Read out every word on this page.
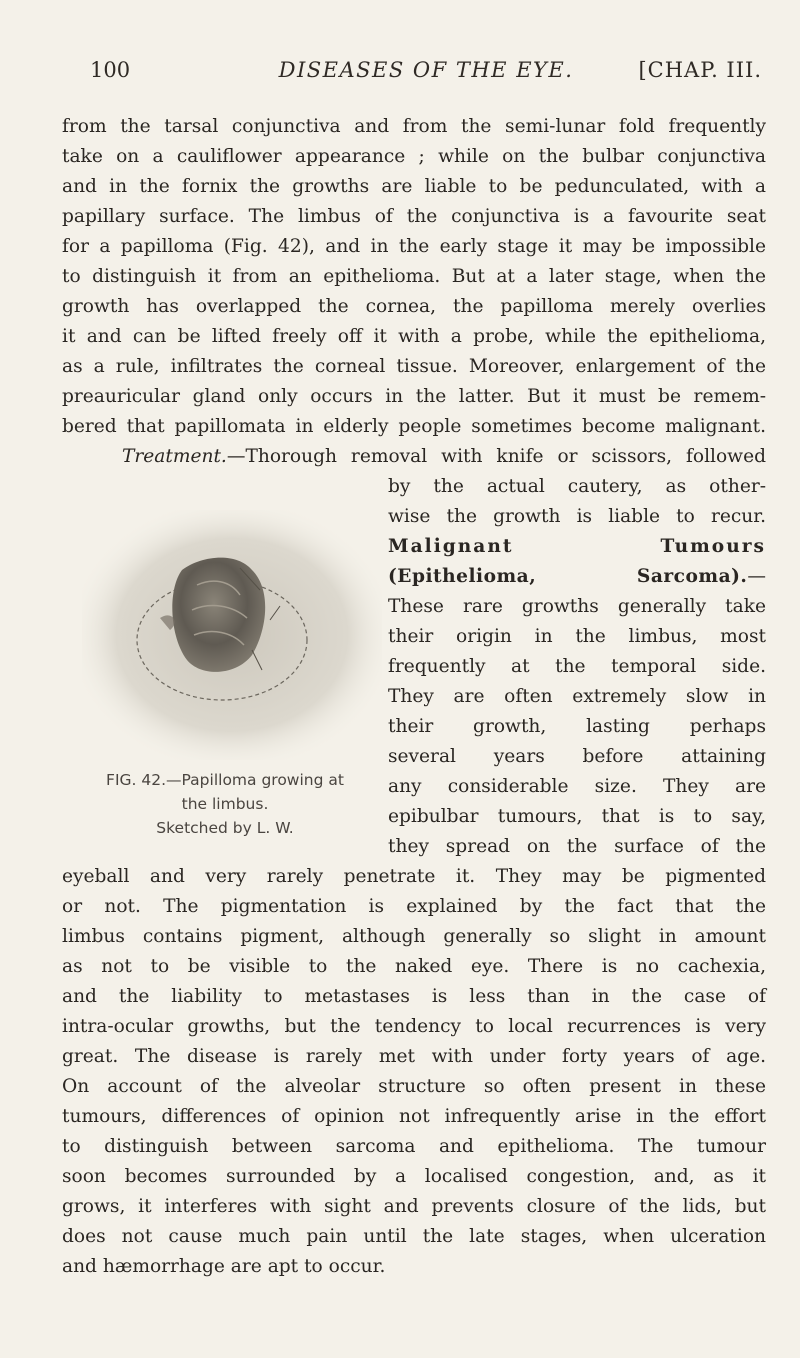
100	DISEASES OF THE EYE.	[CHAP. III.
FIG. 42.—Papilloma growing at
the limbus.
Sketched by L. W.
from the tarsal conjunctiva and from the semi-lunar fold frequently
take on a cauliflower appearance ; while on the bulbar conjunctiva
and in the fornix the growths are liable to be pedunculated, with a
papillary surface. The limbus of the conjunctiva is a favourite seat
for a papilloma (Fig. 42), and in the early stage it may be impossible
to distinguish it from an epithelioma. But at a later stage, when the
growth has overlapped the cornea, the papilloma merely overlies
it and can be lifted freely off it with a probe, while the epithelioma,
as a rule, infiltrates the corneal tissue. Moreover, enlargement of the
preauricular gland only occurs in the latter. But it must be remem-
bered that papillomata in elderly people sometimes become malignant.
Treatment.—Thorough removal with knife or scissors, followed
by the actual cautery, as other-
wise the growth is liable to recur.
Malignant Tumours
(Epithelioma, Sarcoma).—
These rare growths generally take
their origin in the limbus, most
frequently at the temporal side.
They are often extremely slow in
their growth, lasting perhaps
several years before attaining
any considerable size. They are
epibulbar tumours, that is to say,
they spread on the surface of the
eyeball and very rarely penetrate it. They may be pigmented
or not. The pigmentation is explained by the fact that the
limbus contains pigment, although generally so slight in amount
as not to be visible to the naked eye. There is no cachexia,
and the liability to metastases is less than in the case of
intra-ocular growths, but the tendency to local recurrences is very
great. The disease is rarely met with under forty years of age.
On account of the alveolar structure so often present in these
tumours, differences of opinion not infrequently arise in the effort
to distinguish between sarcoma and epithelioma. The tumour
soon becomes surrounded by a localised congestion, and, as it
grows, it interferes with sight and prevents closure of the lids, but
does not cause much pain until the late stages, when ulceration
and hæmorrhage are apt to occur.
